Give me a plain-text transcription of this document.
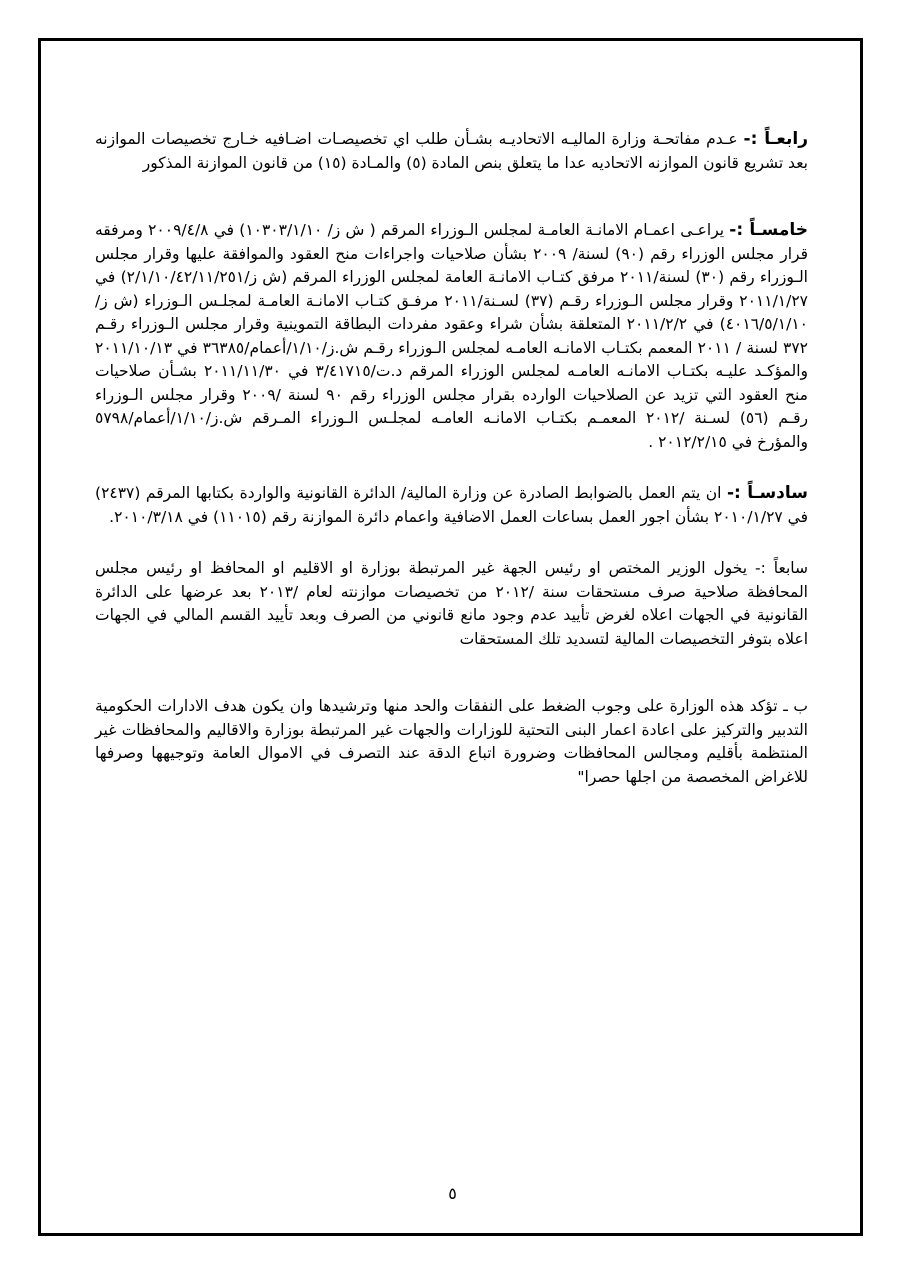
رابعـاً :- عـدم مفاتحـة وزارة الماليـه الاتحاديـه بشـأن طلب اي تخصيصـات اضـافيه خـارج تخصيصات الموازنه بعد تشريع قانون الموازنه الاتحاديه عدا ما يتعلق بنص المادة (٥) والمـادة (١٥) من قانون الموازنة المذكور

خامسـاً :- يراعـى اعمـام الامانـة العامـة لمجلس الـوزراء المرقم ( ش ز/ ١٠٣٠٣/١/١٠) في ٢٠٠٩/٤/٨ ومرفقه قرار مجلس الوزراء رقم (٩٠) لسنة/ ٢٠٠٩ بشأن صلاحيات واجراءات منح العقود والموافقة عليها وقرار مجلس الـوزراء رقم (٣٠) لسنة/٢٠١١ مرفق كتـاب الامانـة العامة لمجلس الوزراء المرقم (ش ز/٢/١/١٠/٤٢/١١/٢٥١) في ٢٠١١/١/٢٧ وقرار مجلس الـوزراء رقـم (٣٧) لسـنة/٢٠١١ مرفـق كتـاب الامانـة العامـة لمجلـس الـوزراء (ش ز/٤٠١٦/٥/١/١٠) في ٢٠١١/٢/٢ المتعلقة بشأن شراء وعقود مفردات البطاقة التموينية وقرار مجلس الـوزراء رقـم ٣٧٢ لسنة / ٢٠١١ المعمم بكتـاب الامانـه العامـه لمجلس الـوزراء رقـم ش.ز/١/١٠/أعمام/٣٦٣٨٥ في ٢٠١١/١٠/١٣ والمؤكـد عليـه بكتـاب الامانـه العامـه لمجلس الوزراء المرقم د.ت/٣/٤١٧١٥ في ٢٠١١/١١/٣٠ بشـأن صلاحيات منح العقود التي تزيد عن الصلاحيات الوارده بقرار مجلس الوزراء رقم ٩٠ لسنة /٢٠٠٩ وقرار مجلس الـوزراء رقـم (٥٦) لسـنة /٢٠١٢ المعمـم بكتـاب الامانـه العامـه لمجلـس الـوزراء المـرقم ش.ز/١/١٠/أعمام/٥٧٩٨ والمؤرخ في ٢٠١٢/٢/١٥ .

سادسـاً :- ان يتم العمل بالضوابط الصادرة عن وزارة المالية/ الدائرة القانونية والواردة بكتابها المرقم (٢٤٣٧) في ٢٠١٠/١/٢٧ بشأن اجور العمل بساعات العمل الاضافية واعمام دائرة الموازنة رقم (١١٠١٥) في ٢٠١٠/٣/١٨.

سابعاً :- يخول الوزير المختص او رئيس الجهة غير المرتبطة بوزارة او الاقليم او المحافظ او رئيس مجلس المحافظة صلاحية صرف مستحقات سنة /٢٠١٢ من تخصيصات موازنته لعام /٢٠١٣ بعد عرضها على الدائرة القانونية في الجهات اعلاه لغرض تأييد عدم وجود مانع قانوني من الصرف وبعد تأييد القسم المالي في الجهات اعلاه بتوفر التخصيصات المالية لتسديد تلك المستحقات

ب ـ تؤكد هذه الوزارة على وجوب الضغط على النفقات والحد منها وترشيدها وان يكون هدف الادارات الحكومية التدبير والتركيز على اعادة اعمار البنى التحتية للوزارات والجهات غير المرتبطة بوزارة والاقاليم والمحافظات غير المنتظمة بأقليم ومجالس المحافظات وضرورة اتباع الدقة عند التصرف في الاموال العامة وتوجيهها وصرفها للاغراض المخصصة من اجلها حصرا"

٥
